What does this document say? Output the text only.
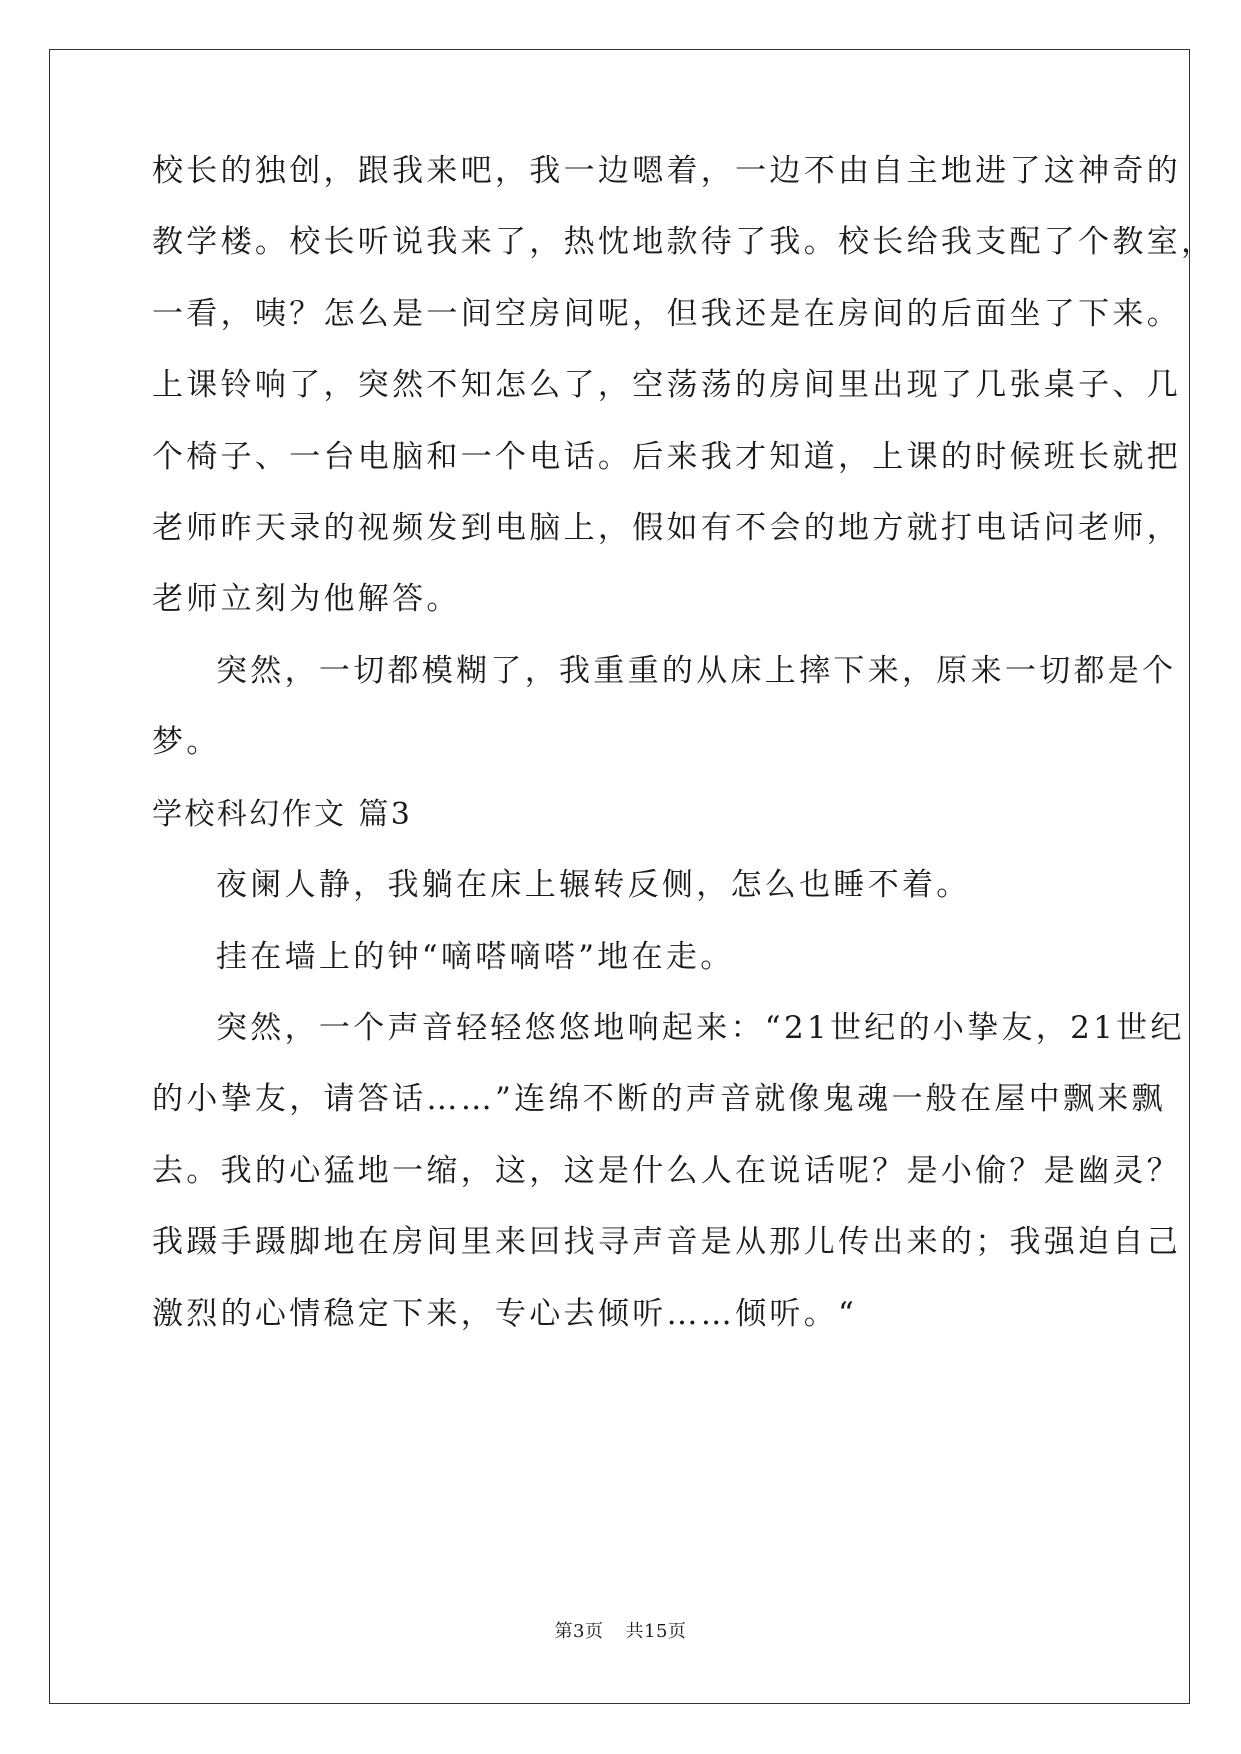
校长的独创，跟我来吧，我一边嗯着，一边不由自主地进了这神奇的
教学楼。校长听说我来了，热忱地款待了我。校长给我支配了个教室，
一看，咦？怎么是一间空房间呢，但我还是在房间的后面坐了下来。
上课铃响了，突然不知怎么了，空荡荡的房间里出现了几张桌子、几
个椅子、一台电脑和一个电话。后来我才知道，上课的时候班长就把
老师昨天录的视频发到电脑上，假如有不会的地方就打电话问老师，
老师立刻为他解答。
突然，一切都模糊了，我重重的从床上摔下来，原来一切都是个
梦。
学校科幻作文 篇3
夜阑人静，我躺在床上辗转反侧，怎么也睡不着。
挂在墙上的钟“嘀嗒嘀嗒”地在走。
突然，一个声音轻轻悠悠地响起来：“21世纪的小挚友，21世纪
的小挚友，请答话……”连绵不断的声音就像鬼魂一般在屋中飘来飘
去。我的心猛地一缩，这，这是什么人在说话呢？是小偷？是幽灵？
我蹑手蹑脚地在房间里来回找寻声音是从那儿传出来的；我强迫自己
激烈的心情稳定下来，专心去倾听……倾听。“
第3页 共15页
